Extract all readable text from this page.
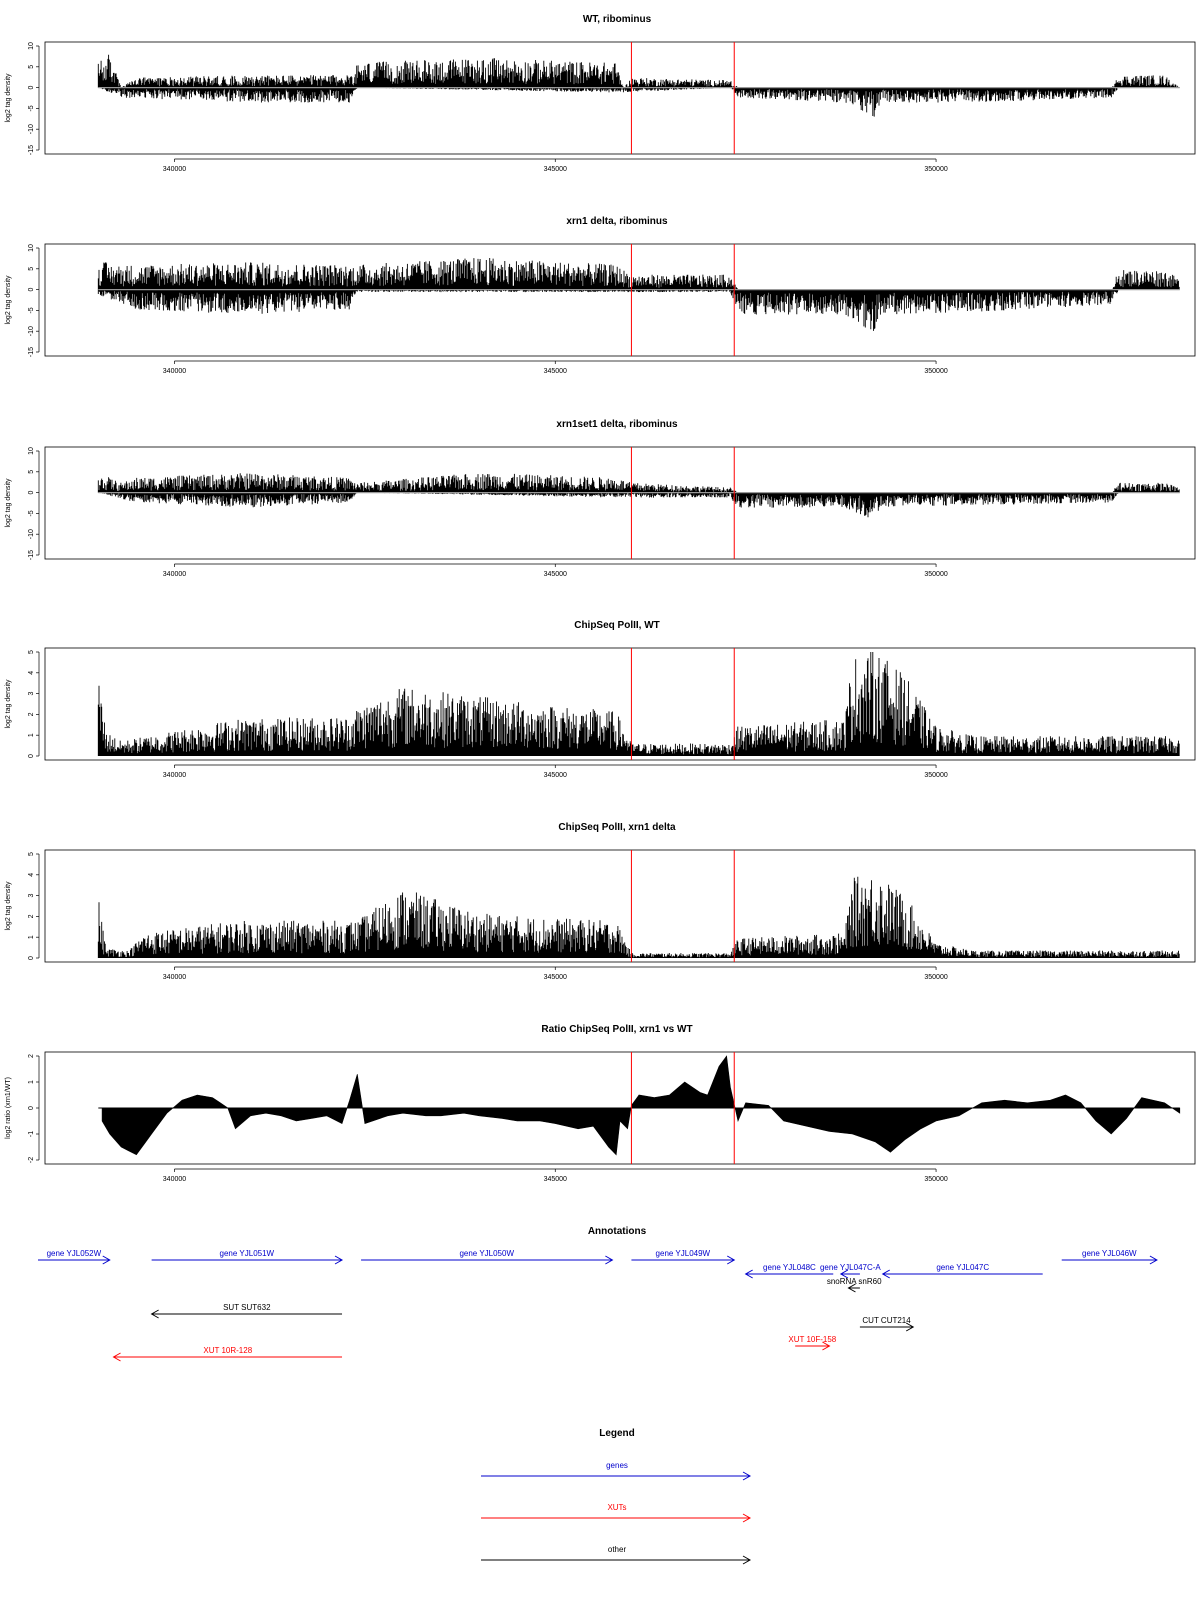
WT, ribominus
-15
-10
-5
0
5
10
log2 tag density
340000	345000	350000
xrn1 delta, ribominus
-15
-10
-5
0
5
10
log2 tag density
340000	345000	350000
xrn1set1 delta, ribominus
-15
-10
-5
0
5
10
log2 tag density
340000	345000	350000
ChipSeq PolII, WT
0
1
2
3
4
5
log2 tag density
340000	345000	350000
ChipSeq PolII, xrn1 delta
0
1
2
3
4
5
log2 tag density
340000	345000	350000
Ratio ChipSeq PolII, xrn1 vs WT
-2
-1
0
1
2
log2 ratio (xrn1/WT)
340000	345000	350000
Annotations
gene YJL052W	gene YJL051W	gene YJL050W	gene YJL049W
gene YJL048C gene YJL047C-A	gene YJL047C
gene YJL046W
snoRNA snR60
SUT SUT632
CUT CUT214
XUT 10F-158
XUT 10R-128
Legend
genes
XUTs
other
